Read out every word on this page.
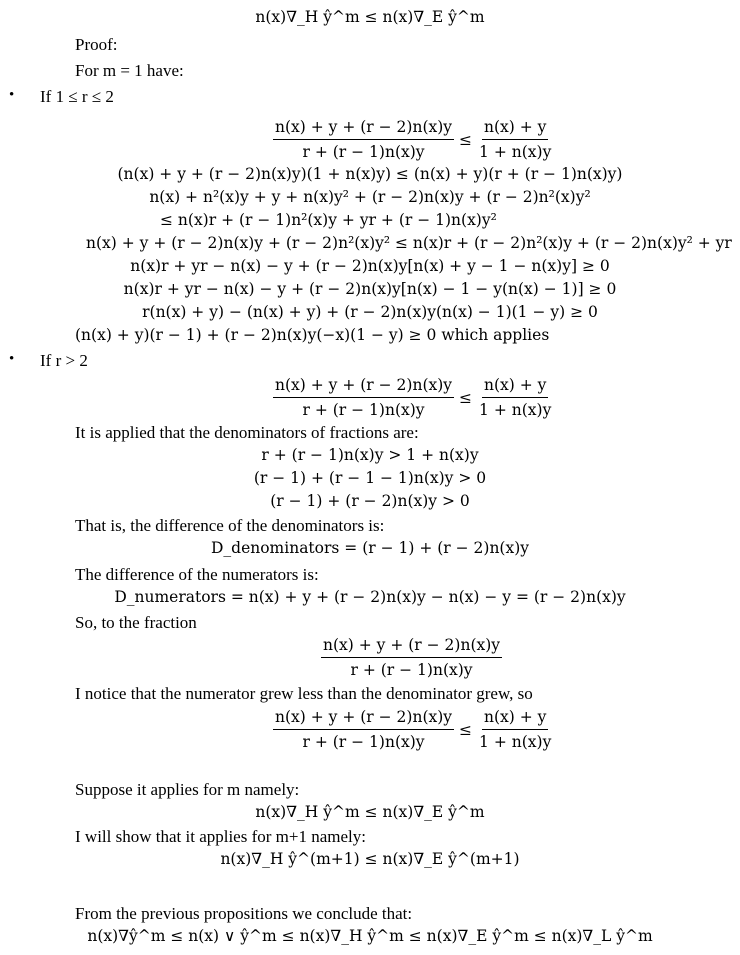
n(x)∇_H ŷ^m ≤ n(x)∇_E ŷ^m
Proof:
For m = 1 have:
• If 1 ≤ r ≤ 2
$\frac{n(x) + y + (r - 2)n(x)y}{r + (r - 1)n(x)y} \le \frac{n(x) + y}{1 + n(x)y}$
(n(x) + y + (r − 2)n(x)y)(1 + n(x)y) ≤ (n(x) + y)(r + (r − 1)n(x)y)
n(x) + n²(x)y + y + n(x)y² + (r − 2)n(x)y + (r − 2)n²(x)y²
≤ n(x)r + (r − 1)n²(x)y + yr + (r − 1)n(x)y²
n(x) + y + (r − 2)n(x)y + (r − 2)n²(x)y² ≤ n(x)r + (r − 2)n²(x)y + (r − 2)n(x)y² + yr
n(x)r + yr − n(x) − y + (r − 2)n(x)y[n(x) + y − 1 − n(x)y] ≥ 0
n(x)r + yr − n(x) − y + (r − 2)n(x)y[n(x) − 1 − y(n(x) − 1)] ≥ 0
r(n(x) + y) − (n(x) + y) + (r − 2)n(x)y(n(x) − 1)(1 − y) ≥ 0
(n(x) + y)(r − 1) + (r − 2)n(x)y(−x)(1 − y) ≥ 0 which applies
• If r > 2
$\frac{n(x) + y + (r - 2)n(x)y}{r + (r - 1)n(x)y} \le \frac{n(x) + y}{1 + n(x)y}$
It is applied that the denominators of fractions are:
r + (r − 1)n(x)y > 1 + n(x)y
(r − 1) + (r − 1 − 1)n(x)y > 0
(r − 1) + (r − 2)n(x)y > 0
That is, the difference of the denominators is:
D_denominators = (r − 1) + (r − 2)n(x)y
The difference of the numerators is:
D_numerators = n(x) + y + (r − 2)n(x)y − n(x) − y = (r − 2)n(x)y
So, to the fraction
$\frac{n(x) + y + (r - 2)n(x)y}{r + (r - 1)n(x)y}$
I notice that the numerator grew less than the denominator grew, so
$\frac{n(x) + y + (r - 2)n(x)y}{r + (r - 1)n(x)y} \le \frac{n(x) + y}{1 + n(x)y}$
Suppose it applies for m namely:
n(x)∇_H ŷ^m ≤ n(x)∇_E ŷ^m
I will show that it applies for m+1 namely:
n(x)∇_H ŷ^(m+1) ≤ n(x)∇_E ŷ^(m+1)
From the previous propositions we conclude that:
n(x)∇ŷ^m ≤ n(x) ∨ ŷ^m ≤ n(x)∇_H ŷ^m ≤ n(x)∇_E ŷ^m ≤ n(x)∇_L ŷ^m
